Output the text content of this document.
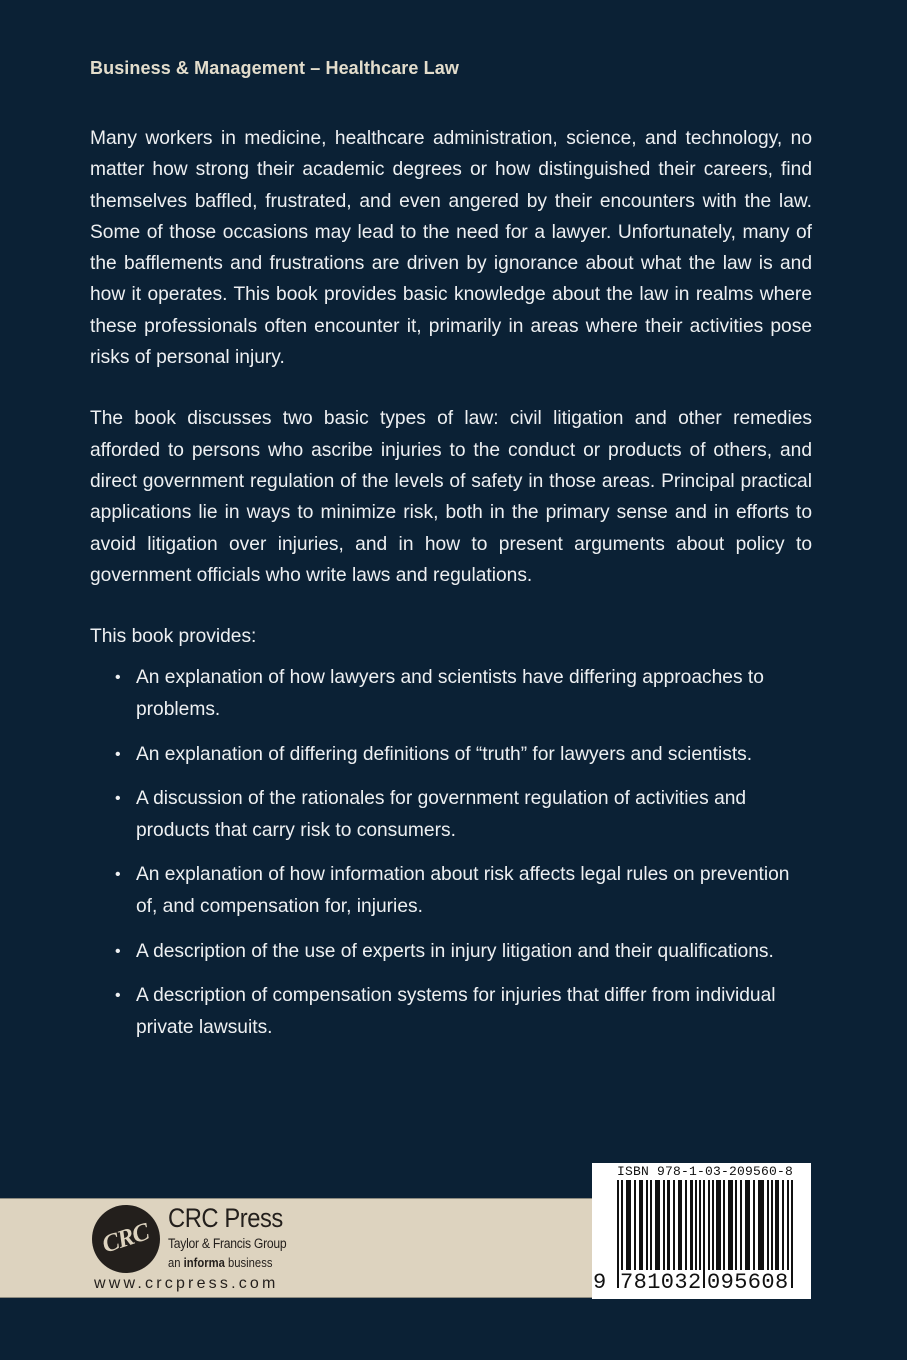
Business & Management – Healthcare Law

Many workers in medicine, healthcare administration, science, and technology, no matter how strong their academic degrees or how distinguished their careers, find themselves baffled, frustrated, and even angered by their encounters with the law. Some of those occasions may lead to the need for a lawyer. Unfortunately, many of the bafflements and frustrations are driven by ignorance about what the law is and how it operates. This book provides basic knowledge about the law in realms where these professionals often encounter it, primarily in areas where their activities pose risks of personal injury.

The book discusses two basic types of law: civil litigation and other remedies afforded to persons who ascribe injuries to the conduct or products of others, and direct government regulation of the levels of safety in those areas. Principal practical applications lie in ways to minimize risk, both in the primary sense and in efforts to avoid litigation over injuries, and in how to present arguments about policy to government officials who write laws and regulations.

This book provides:

• An explanation of how lawyers and scientists have differing approaches to problems.
• An explanation of differing definitions of “truth” for lawyers and scientists.
• A discussion of the rationales for government regulation of activities and products that carry risk to consumers.
• An explanation of how information about risk affects legal rules on prevention of, and compensation for, injuries.
• A description of the use of experts in injury litigation and their qualifications.
• A description of compensation systems for injuries that differ from individual private lawsuits.
CRC
CRC Press
Taylor & Francis Group
an informa business
www.crcpress.com
ISBN 978-1-03-209560-8
9 781032 095608
